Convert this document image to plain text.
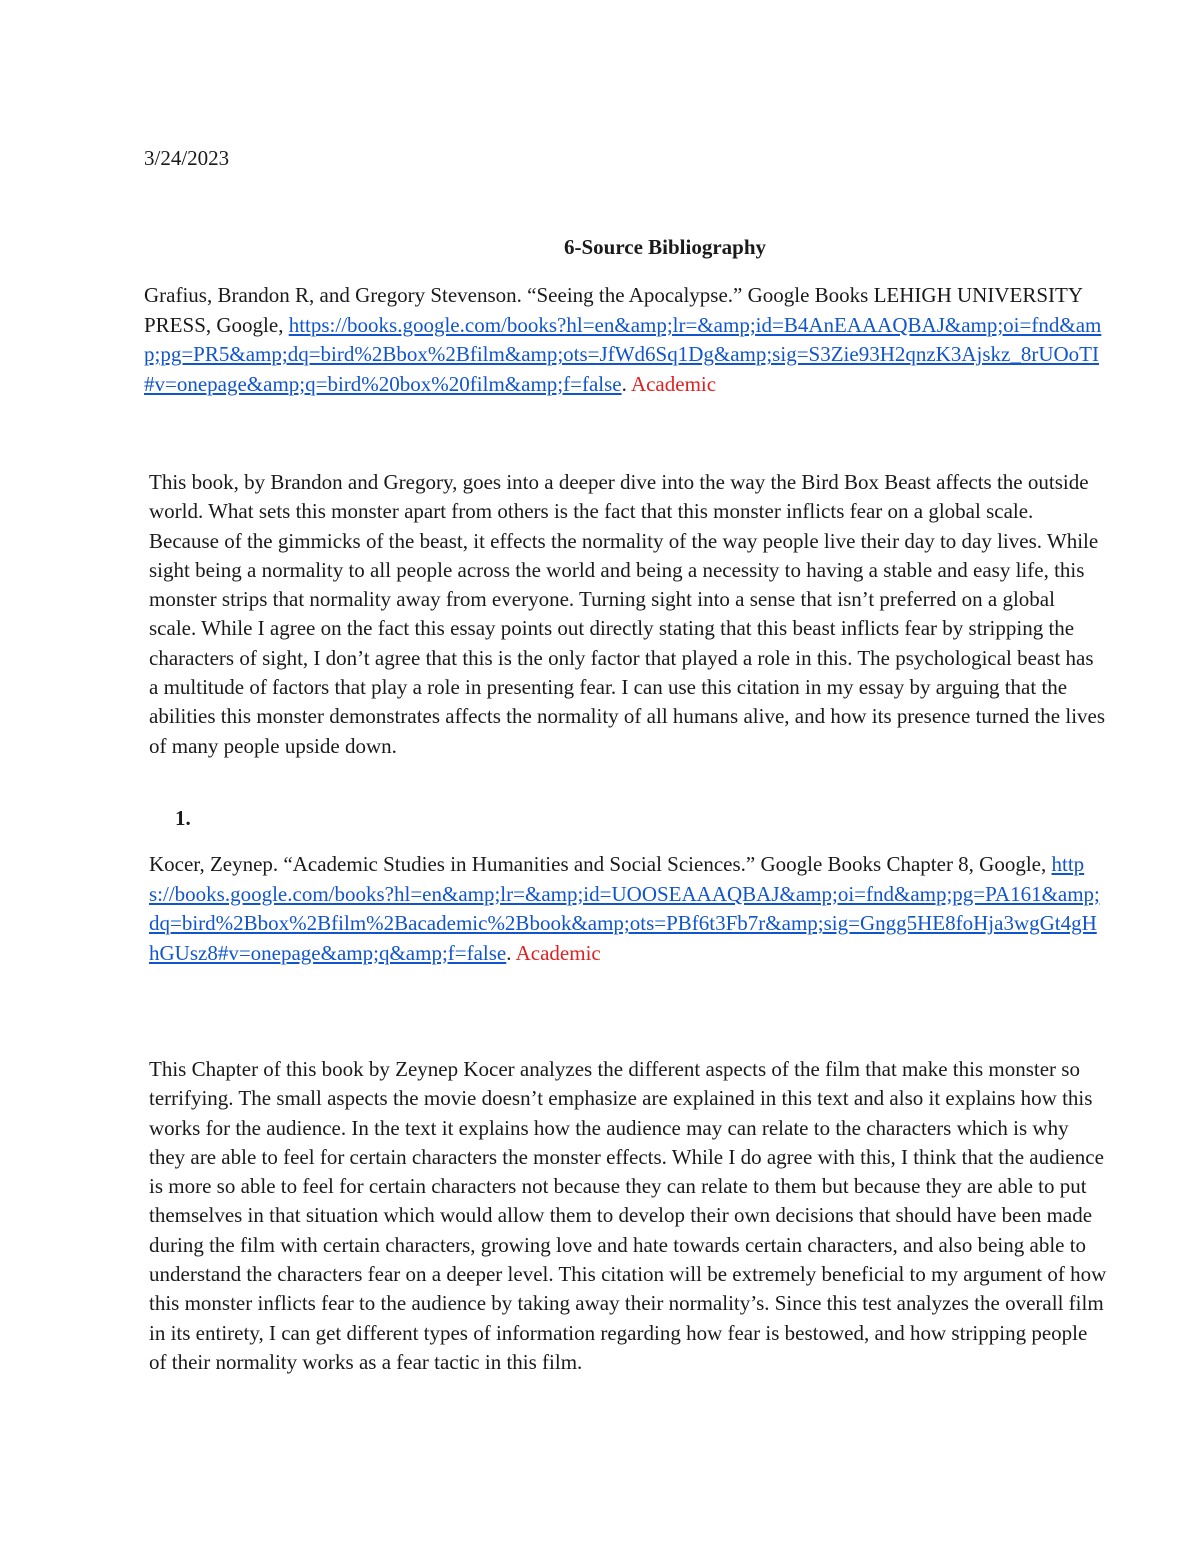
3/24/2023
6-Source Bibliography
Grafius, Brandon R, and Gregory Stevenson. “Seeing the Apocalypse.” Google Books LEHIGH UNIVERSITY PRESS, Google, https://books.google.com/books?hl=en&amp;lr=&amp;id=B4AnEAAAQBAJ&amp;oi=fnd&amp;pg=PR5&amp;dq=bird%2Bbox%2Bfilm&amp;ots=JfWd6Sq1Dg&amp;sig=S3Zie93H2qnzK3Ajskz_8rUOoTI#v=onepage&amp;q=bird%20box%20film&amp;f=false. Academic
This book, by Brandon and Gregory, goes into a deeper dive into the way the Bird Box Beast affects the outside world. What sets this monster apart from others is the fact that this monster inflicts fear on a global scale. Because of the gimmicks of the beast, it effects the normality of the way people live their day to day lives. While sight being a normality to all people across the world and being a necessity to having a stable and easy life, this monster strips that normality away from everyone. Turning sight into a sense that isn’t preferred on a global scale. While I agree on the fact this essay points out directly stating that this beast inflicts fear by stripping the characters of sight, I don’t agree that this is the only factor that played a role in this. The psychological beast has a multitude of factors that play a role in presenting fear. I can use this citation in my essay by arguing that the abilities this monster demonstrates affects the normality of all humans alive, and how its presence turned the lives of many people upside down.
1.
Kocer, Zeynep. “Academic Studies in Humanities and Social Sciences.” Google Books Chapter 8, Google, https://books.google.com/books?hl=en&amp;lr=&amp;id=UOOSEAAAQBAJ&amp;oi=fnd&amp;pg=PA161&amp;dq=bird%2Bbox%2Bfilm%2Bacademic%2Bbook&amp;ots=PBf6t3Fb7r&amp;sig=Gngg5HE8foHja3wgGt4gHhGUsz8#v=onepage&amp;q&amp;f=false. Academic
This Chapter of this book by Zeynep Kocer analyzes the different aspects of the film that make this monster so terrifying. The small aspects the movie doesn’t emphasize are explained in this text and also it explains how this works for the audience. In the text it explains how the audience may can relate to the characters which is why they are able to feel for certain characters the monster effects. While I do agree with this, I think that the audience is more so able to feel for certain characters not because they can relate to them but because they are able to put themselves in that situation which would allow them to develop their own decisions that should have been made during the film with certain characters, growing love and hate towards certain characters, and also being able to understand the characters fear on a deeper level. This citation will be extremely beneficial to my argument of how this monster inflicts fear to the audience by taking away their normality’s. Since this test analyzes the overall film in its entirety, I can get different types of information regarding how fear is bestowed, and how stripping people of their normality works as a fear tactic in this film.
